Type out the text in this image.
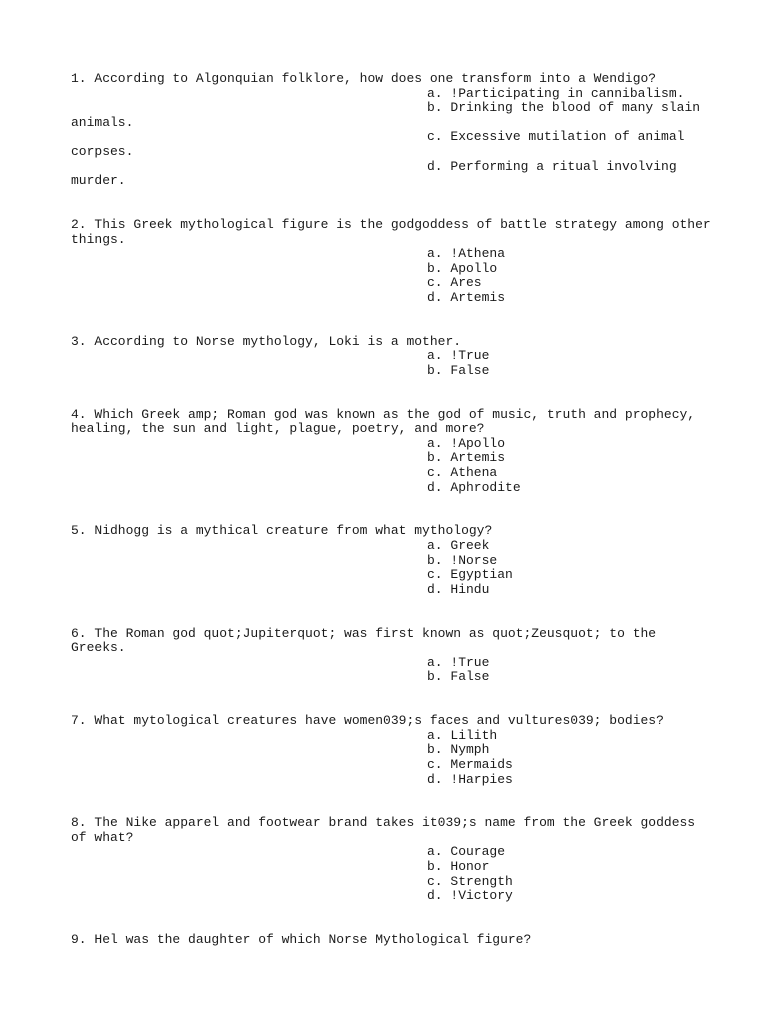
1. According to Algonquian folklore, how does one transform into a Wendigo?
a. !Participating in cannibalism.
b. Drinking the blood of many slain animals.
c. Excessive mutilation of animal corpses.
d. Performing a ritual involving murder.
2. This Greek mythological figure is the godgoddess of battle strategy among other things.
a. !Athena
b. Apollo
c. Ares
d. Artemis
3. According to Norse mythology, Loki is a mother.
a. !True
b. False
4. Which Greek amp; Roman god was known as the god of music, truth and prophecy, healing, the sun and light, plague, poetry, and more?
a. !Apollo
b. Artemis
c. Athena
d. Aphrodite
5. Nidhogg is a mythical creature from what mythology?
a. Greek
b. !Norse
c. Egyptian
d. Hindu
6. The Roman god quot;Jupiterquot; was first known as quot;Zeusquot; to the Greeks.
a. !True
b. False
7. What mytological creatures have women039;s faces and vultures039; bodies?
a. Lilith
b. Nymph
c. Mermaids
d. !Harpies
8. The Nike apparel and footwear brand takes it039;s name from the Greek goddess of what?
a. Courage
b. Honor
c. Strength
d. !Victory
9. Hel was the daughter of which Norse Mythological figure?
